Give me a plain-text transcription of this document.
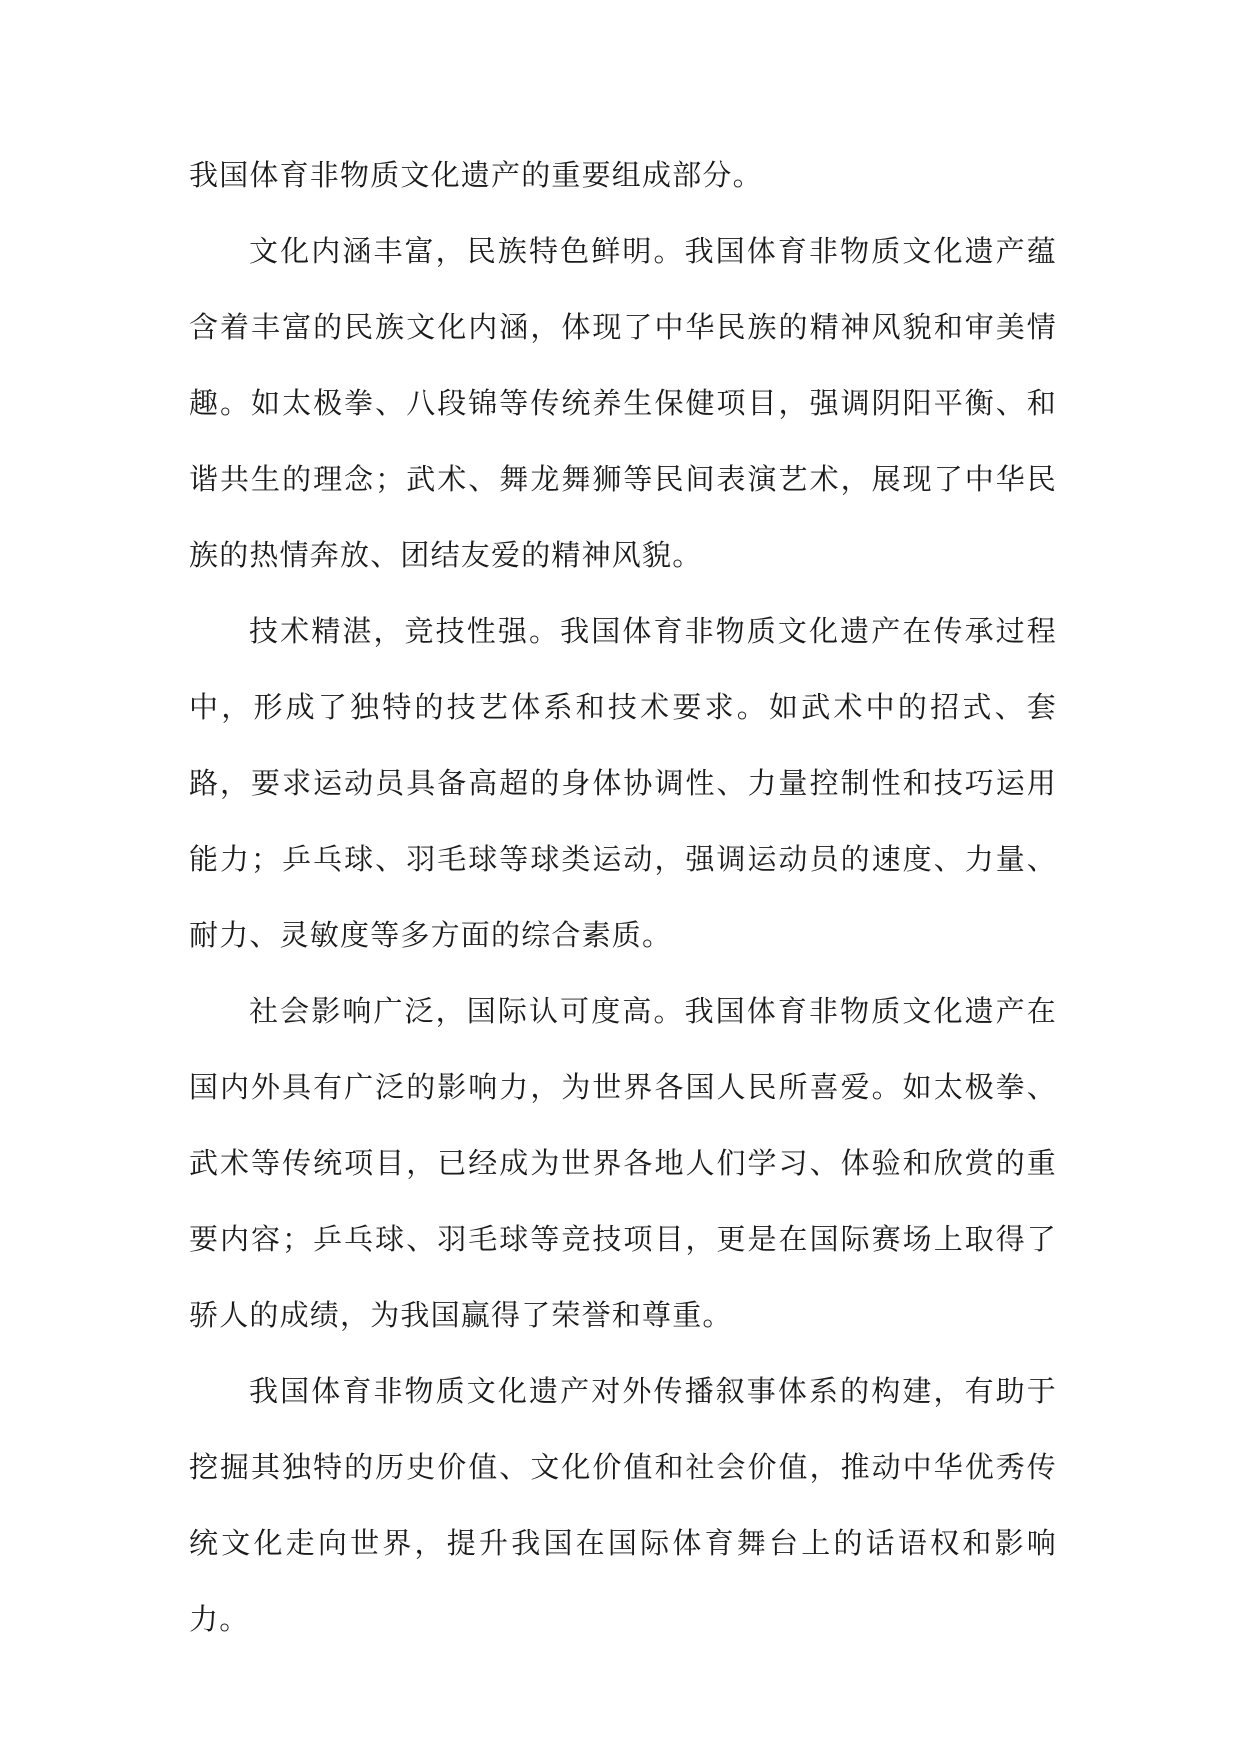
我国体育非物质文化遗产的重要组成部分。

文化内涵丰富，民族特色鲜明。我国体育非物质文化遗产蕴含着丰富的民族文化内涵，体现了中华民族的精神风貌和审美情趣。如太极拳、八段锦等传统养生保健项目，强调阴阳平衡、和谐共生的理念；武术、舞龙舞狮等民间表演艺术，展现了中华民族的热情奔放、团结友爱的精神风貌。

技术精湛，竞技性强。我国体育非物质文化遗产在传承过程中，形成了独特的技艺体系和技术要求。如武术中的招式、套路，要求运动员具备高超的身体协调性、力量控制性和技巧运用能力；乒乓球、羽毛球等球类运动，强调运动员的速度、力量、耐力、灵敏度等多方面的综合素质。

社会影响广泛，国际认可度高。我国体育非物质文化遗产在国内外具有广泛的影响力，为世界各国人民所喜爱。如太极拳、武术等传统项目，已经成为世界各地人们学习、体验和欣赏的重要内容；乒乓球、羽毛球等竞技项目，更是在国际赛场上取得了骄人的成绩，为我国赢得了荣誉和尊重。

我国体育非物质文化遗产对外传播叙事体系的构建，有助于挖掘其独特的历史价值、文化价值和社会价值，推动中华优秀传统文化走向世界，提升我国在国际体育舞台上的话语权和影响力。
